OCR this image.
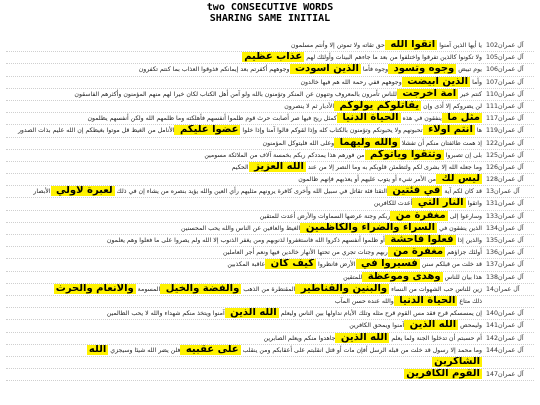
two CONSECUTIVE WORDS
SHARING SAME INITIAL
آل عمران102
يا أيها الذين آمنوا اتقوا الله حق تقاته ولا تموتن إلا وأنتم مسلمون
آل عمران105
ولا تكونوا كالذين تفرقوا واختلفوا من بعد ما جاءهم البينات وأولئك لهم عذاب عظيم
آل عمران106
يوم تبيض وجوه وتسود وجوه فأما الذين اسودت وجوههم أكفرتم بعد إيمانكم فذوقوا العذاب بما كنتم تكفرون
آل عمران107
وأما الذين ابيضت وجوههم ففي رحمة الله هم فيها خالدون
آل عمران110
كنتم خير أمة أخرجت للناس تأمرون بالمعروف وتنهون عن المنكر وتؤمنون بالله ولو آمن أهل الكتاب لكان خيرا لهم منهم المؤمنون وأكثرهم الفاسقون
آل عمران111
لن يضروكم إلا أذى وإن يقاتلوكم يولوكم الأدبار ثم لا ينصرون
آل عمران117
مثل ما ينفقون في هذه الحياة الدنيا كمثل ريح فيها صر أصابت حرث قوم ظلموا أنفسهم فأهلكته وما ظلمهم الله ولكن أنفسهم يظلمون
آل عمران119
ها أنتم أولاء تحبونهم ولا يحبونكم وتؤمنون بالكتاب كله وإذا لقوكم قالوا آمنا وإذا خلوا عضوا عليكم الأنامل من الغيظ قل موتوا بغيظكم إن الله عليم بذات الصدور
آل عمران122
إذ همت طائفتان منكم أن تفشلا والله وليهما وعلى الله فليتوكل المؤمنون
آل عمران125
بلى إن تصبروا وتتقوا ويأتوكم من فورهم هذا يمددكم ربكم بخمسة آلاف من الملائكة مسومين
آل عمران126
وما جعله الله إلا بشرى لكم ولتطمئن قلوبكم به وما النصر إلا من عند الله العزيز الحكيم
آل عمران128
ليس لك من الأمر شيء أو يتوب عليهم أو يعذبهم فإنهم ظالمون
آل عمران13
قد كان لكم آية في فئتين التقتا فئة تقاتل في سبيل الله وأخرى كافرة يرونهم مثليهم رأي العين والله يؤيد بنصره من يشاء إن في ذلك لعبرة لأولي الأبصار
آل عمران131
واتقوا النار التي أعدت للكافرين
آل عمران133
وسارعوا إلى مغفرة من ربكم وجنة عرضها السماوات والأرض أعدت للمتقين
آل عمران134
الذين ينفقون في السراء والضراء والكاظمين الغيظ والعافين عن الناس والله يحب المحسنين
آل عمران135
والذين إذا فعلوا فاحشة أو ظلموا أنفسهم ذكروا الله فاستغفروا لذنوبهم ومن يغفر الذنوب إلا الله ولم يصروا على ما فعلوا وهم يعلمون
آل عمران136
أولئك جزاؤهم مغفرة من ربهم وجنات تجري من تحتها الأنهار خالدين فيها ونعم أجر العاملين
آل عمران137
قد خلت من قبلكم سنن فسيروا في الأرض فانظروا كيف كان عاقبة المكذبين
آل عمران138
هذا بيان للناس وهدى وموعظة للمتقين
آل عمران14
زين للناس حب الشهوات من النساء والبنين والقناطير المقنطرة من الذهب والفضة والخيل المسومة والأنعام والحرث
ذلك متاع الحياة الدنيا والله عنده حسن المآب
آل عمران140
إن يمسسكم قرح فقد مس القوم قرح مثله وتلك الأيام نداولها بين الناس وليعلم الله الذين آمنوا ويتخذ منكم شهداء والله لا يحب الظالمين
آل عمران141
وليمحص الله الذين آمنوا ويمحق الكافرين
آل عمران142
أم حسبتم أن تدخلوا الجنة ولما يعلم الله الذين جاهدوا منكم ويعلم الصابرين
آل عمران144
وما محمد إلا رسول قد خلت من قبله الرسل أفإن مات أو قتل انقلبتم على أعقابكم ومن ينقلب على عقبيه فلن يضر الله شيئا وسيجزي الله
الشاكرين
آل عمران147
القوم الكافرين
